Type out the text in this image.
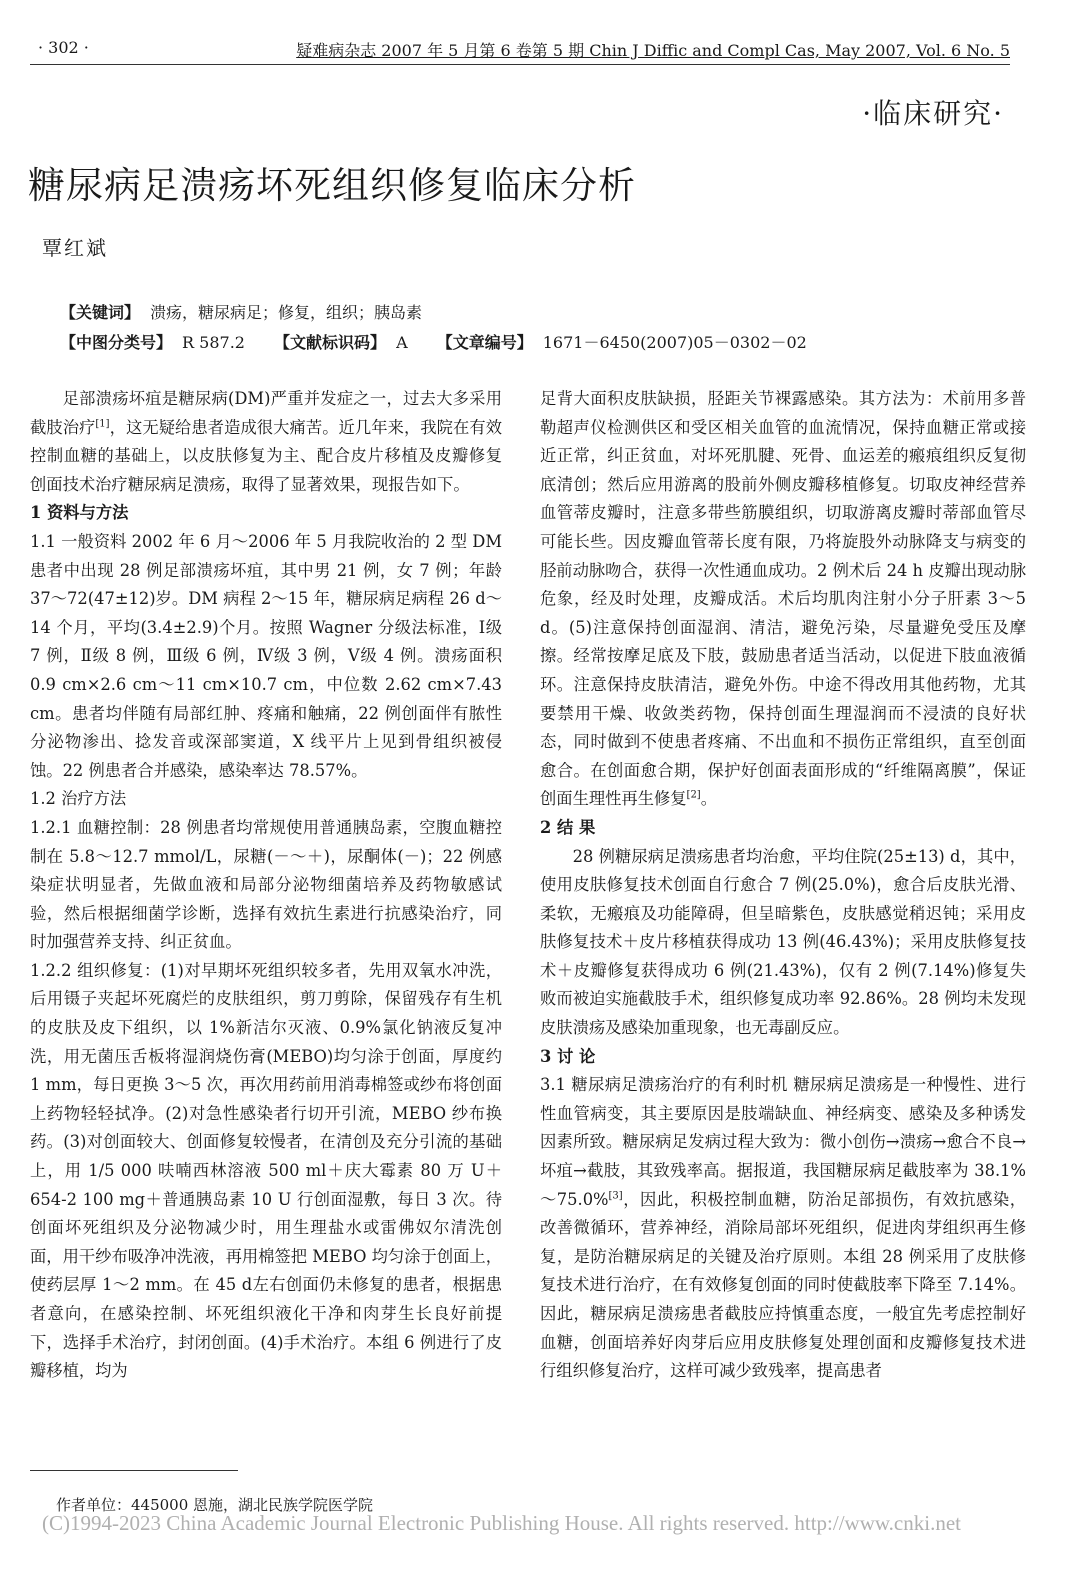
· 302 ·	疑难病杂志 2007 年 5 月第 6 卷第 5 期 Chin J Diffic and Compl Cas, May 2007, Vol. 6 No. 5
·临床研究·
糖尿病足溃疡坏死组织修复临床分析
覃红斌
【关键词】 溃疡，糖尿病足；修复，组织；胰岛素
【中图分类号】 R 587.2 【文献标识码】 A 【文章编号】 1671－6450(2007)05－0302－02

足部溃疡坏疽是糖尿病(DM)严重并发症之一，过去大多采用截肢治疗[1]，这无疑给患者造成很大痛苦。近几年来，我院在有效控制血糖的基础上，以皮肤修复为主、配合皮片移植及皮瓣修复创面技术治疗糖尿病足溃疡，取得了显著效果，现报告如下。

1 资料与方法

1.1 一般资料 2002 年 6 月～2006 年 5 月我院收治的 2 型 DM 患者中出现 28 例足部溃疡坏疽，其中男 21 例，女 7 例；年龄 37～72(47±12)岁。DM 病程 2～15 年，糖尿病足病程 26 d～14 个月，平均(3.4±2.9)个月。按照 Wagner 分级法标准，Ⅰ级 7 例，Ⅱ级 8 例，Ⅲ级 6 例，Ⅳ级 3 例，Ⅴ级 4 例。溃疡面积 0.9 cm×2.6 cm～11 cm×10.7 cm，中位数 2.62 cm×7.43 cm。患者均伴随有局部红肿、疼痛和触痛，22 例创面伴有脓性分泌物渗出、捻发音或深部窦道，X 线平片上见到骨组织被侵蚀。22 例患者合并感染，感染率达 78.57%。

1.2 治疗方法

1.2.1 血糖控制：28 例患者均常规使用普通胰岛素，空腹血糖控制在 5.8～12.7 mmol/L，尿糖(－～＋)，尿酮体(－)；22 例感染症状明显者，先做血液和局部分泌物细菌培养及药物敏感试验，然后根据细菌学诊断，选择有效抗生素进行抗感染治疗，同时加强营养支持、纠正贫血。

1.2.2 组织修复：(1)对早期坏死组织较多者，先用双氧水冲洗，后用镊子夹起坏死腐烂的皮肤组织，剪刀剪除，保留残存有生机的皮肤及皮下组织，以 1%新洁尔灭液、0.9%氯化钠液反复冲洗，用无菌压舌板将湿润烧伤膏(MEBO)均匀涂于创面，厚度约 1 mm，每日更换 3～5 次，再次用药前用消毒棉签或纱布将创面上药物轻轻拭净。(2)对急性感染者行切开引流，MEBO 纱布换药。(3)对创面较大、创面修复较慢者，在清创及充分引流的基础上，用 1/5 000 呋喃西林溶液 500 ml＋庆大霉素 80 万 U＋654-2 100 mg＋普通胰岛素 10 U 行创面湿敷，每日 3 次。待创面坏死组织及分泌物减少时，用生理盐水或雷佛奴尔清洗创面，用干纱布吸净冲洗液，再用棉签把 MEBO 均匀涂于创面上，使药层厚 1～2 mm。在 45 d左右创面仍未修复的患者，根据患者意向，在感染控制、坏死组织液化干净和肉芽生长良好前提下，选择手术治疗，封闭创面。(4)手术治疗。本组 6 例进行了皮瓣移植，均为

足背大面积皮肤缺损，胫距关节裸露感染。其方法为：术前用多普勒超声仪检测供区和受区相关血管的血流情况，保持血糖正常或接近正常，纠正贫血，对坏死肌腱、死骨、血运差的瘢痕组织反复彻底清创；然后应用游离的股前外侧皮瓣移植修复。切取皮神经营养血管蒂皮瓣时，注意多带些筋膜组织，切取游离皮瓣时蒂部血管尽可能长些。因皮瓣血管蒂长度有限，乃将旋股外动脉降支与病变的胫前动脉吻合，获得一次性通血成功。2 例术后 24 h 皮瓣出现动脉危象，经及时处理，皮瓣成活。术后均肌肉注射小分子肝素 3～5 d。(5)注意保持创面湿润、清洁，避免污染，尽量避免受压及摩擦。经常按摩足底及下肢，鼓励患者适当活动，以促进下肢血液循环。注意保持皮肤清洁，避免外伤。中途不得改用其他药物，尤其要禁用干燥、收敛类药物，保持创面生理湿润而不浸渍的良好状态，同时做到不使患者疼痛、不出血和不损伤正常组织，直至创面愈合。在创面愈合期，保护好创面表面形成的“纤维隔离膜”，保证创面生理性再生修复[2]。

2 结 果

28 例糖尿病足溃疡患者均治愈，平均住院(25±13) d，其中，使用皮肤修复技术创面自行愈合 7 例(25.0%)，愈合后皮肤光滑、柔软，无瘢痕及功能障碍，但呈暗紫色，皮肤感觉稍迟钝；采用皮肤修复技术＋皮片移植获得成功 13 例(46.43%)；采用皮肤修复技术＋皮瓣修复获得成功 6 例(21.43%)，仅有 2 例(7.14%)修复失败而被迫实施截肢手术，组织修复成功率 92.86%。28 例均未发现皮肤溃疡及感染加重现象，也无毒副反应。

3 讨 论

3.1 糖尿病足溃疡治疗的有利时机 糖尿病足溃疡是一种慢性、进行性血管病变，其主要原因是肢端缺血、神经病变、感染及多种诱发因素所致。糖尿病足发病过程大致为：微小创伤→溃疡→愈合不良→坏疽→截肢，其致残率高。据报道，我国糖尿病足截肢率为 38.1%～75.0%[3]，因此，积极控制血糖，防治足部损伤，有效抗感染，改善微循环，营养神经，消除局部坏死组织，促进肉芽组织再生修复，是防治糖尿病足的关键及治疗原则。本组 28 例采用了皮肤修复技术进行治疗，在有效修复创面的同时使截肢率下降至 7.14%。因此，糖尿病足溃疡患者截肢应持慎重态度，一般宜先考虑控制好血糖，创面培养好肉芽后应用皮肤修复处理创面和皮瓣修复技术进行组织修复治疗，这样可减少致残率，提高患者

作者单位：445000 恩施，湖北民族学院医学院
(C)1994-2023 China Academic Journal Electronic Publishing House. All rights reserved. http://www.cnki.net
